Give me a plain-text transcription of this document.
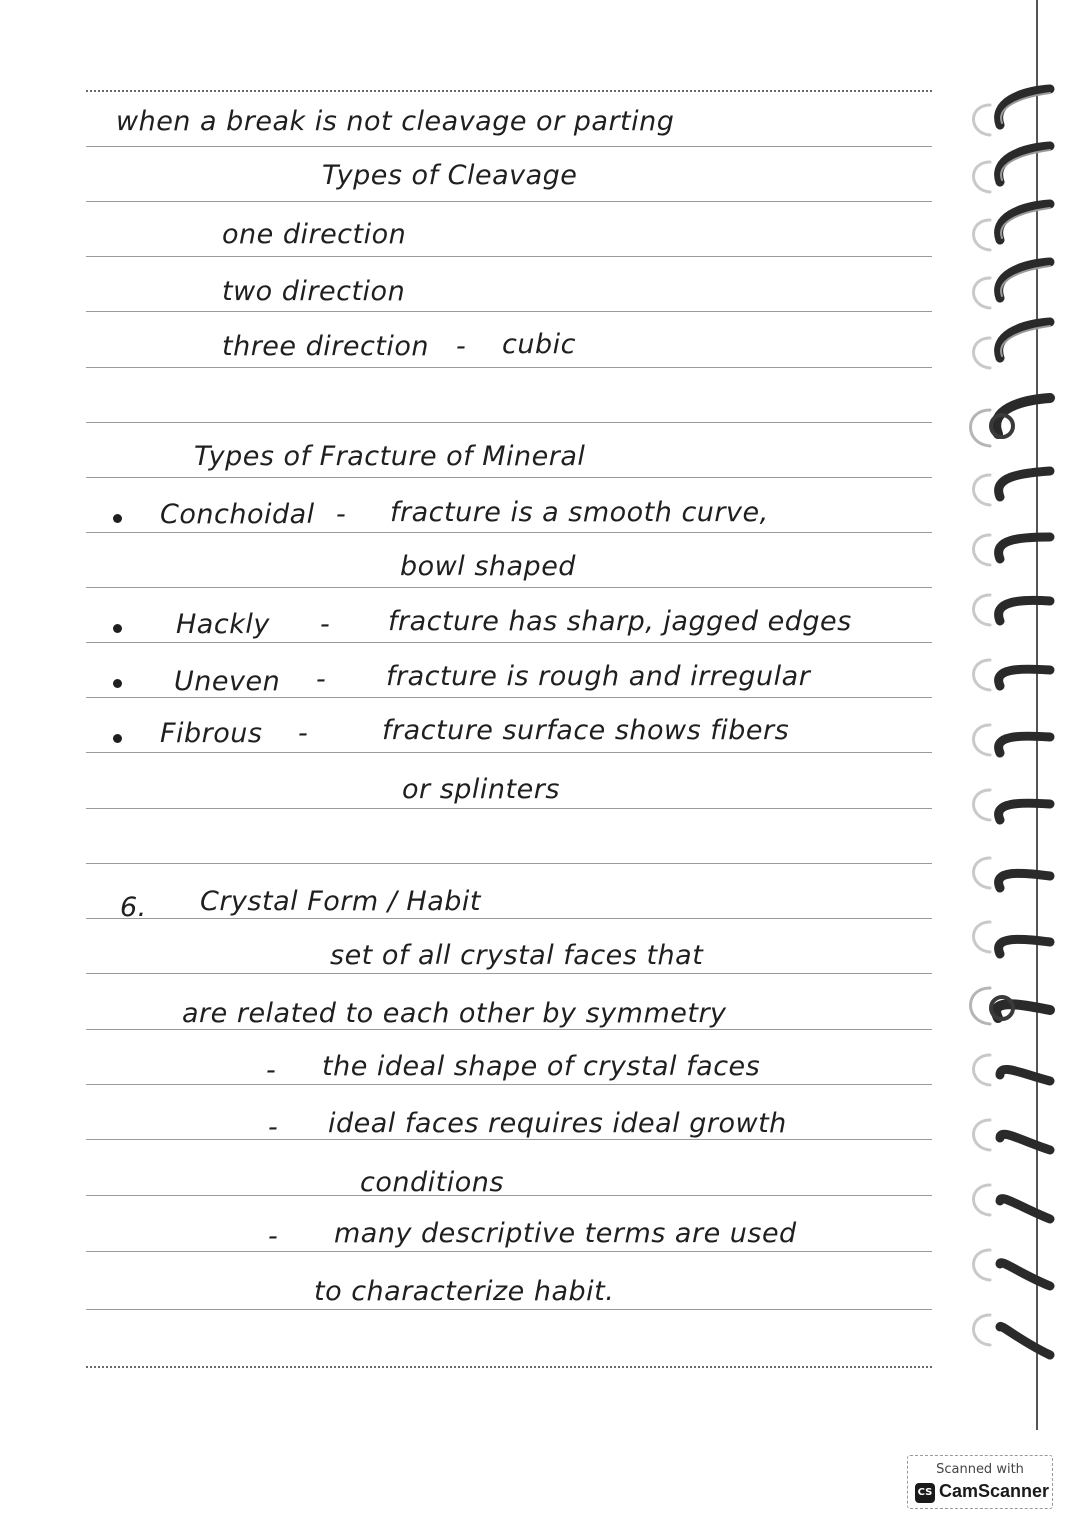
when a break is not cleavage or parting
Types of Cleavage
one direction
two direction
three direction - cubic
Types of Fracture of Mineral
Conchoidal - fracture is a smooth curve,
bowl shaped
Hackly - fracture has sharp, jagged edges
Uneven - fracture is rough and irregular
Fibrous -	fracture surface shows fibers
or splinters
6. Crystal Form / Habit
set of all crystal faces that
are related to each other by symmetry
- the ideal shape of crystal faces
- ideal faces requires ideal growth
conditions
- many descriptive terms are used
to characterize habit.
Scanned with
CS CamScanner
